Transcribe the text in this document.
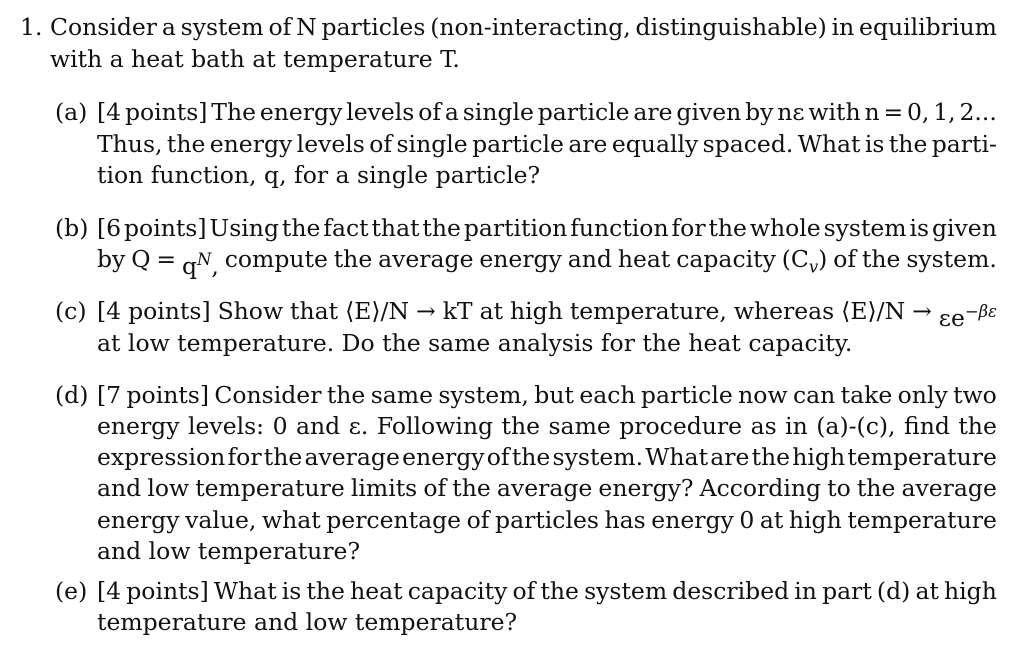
1. Consider a system of N particles (non-interacting, distinguishable) in equilibrium
with a heat bath at temperature T.
(a) [4 points] The energy levels of a single particle are given by nε with n = 0, 1, 2...
Thus, the energy levels of single particle are equally spaced. What is the parti-
tion function, q, for a single particle?
(b) [6 points] Using the fact that the partition function for the whole system is given
by $Q = q^N$, compute the average energy and heat capacity $(C_v)$ of the system.
(c) [4 points] Show that ⟨E⟩/N → kT at high temperature, whereas ⟨E⟩/N → $\varepsilon e^{-\beta\varepsilon}$
at low temperature. Do the same analysis for the heat capacity.
(d) [7 points] Consider the same system, but each particle now can take only two
energy levels: 0 and ε. Following the same procedure as in (a)-(c), find the
expression for the average energy of the system. What are the high temperature
and low temperature limits of the average energy? According to the average
energy value, what percentage of particles has energy 0 at high temperature
and low temperature?
(e) [4 points] What is the heat capacity of the system described in part (d) at high
temperature and low temperature?
